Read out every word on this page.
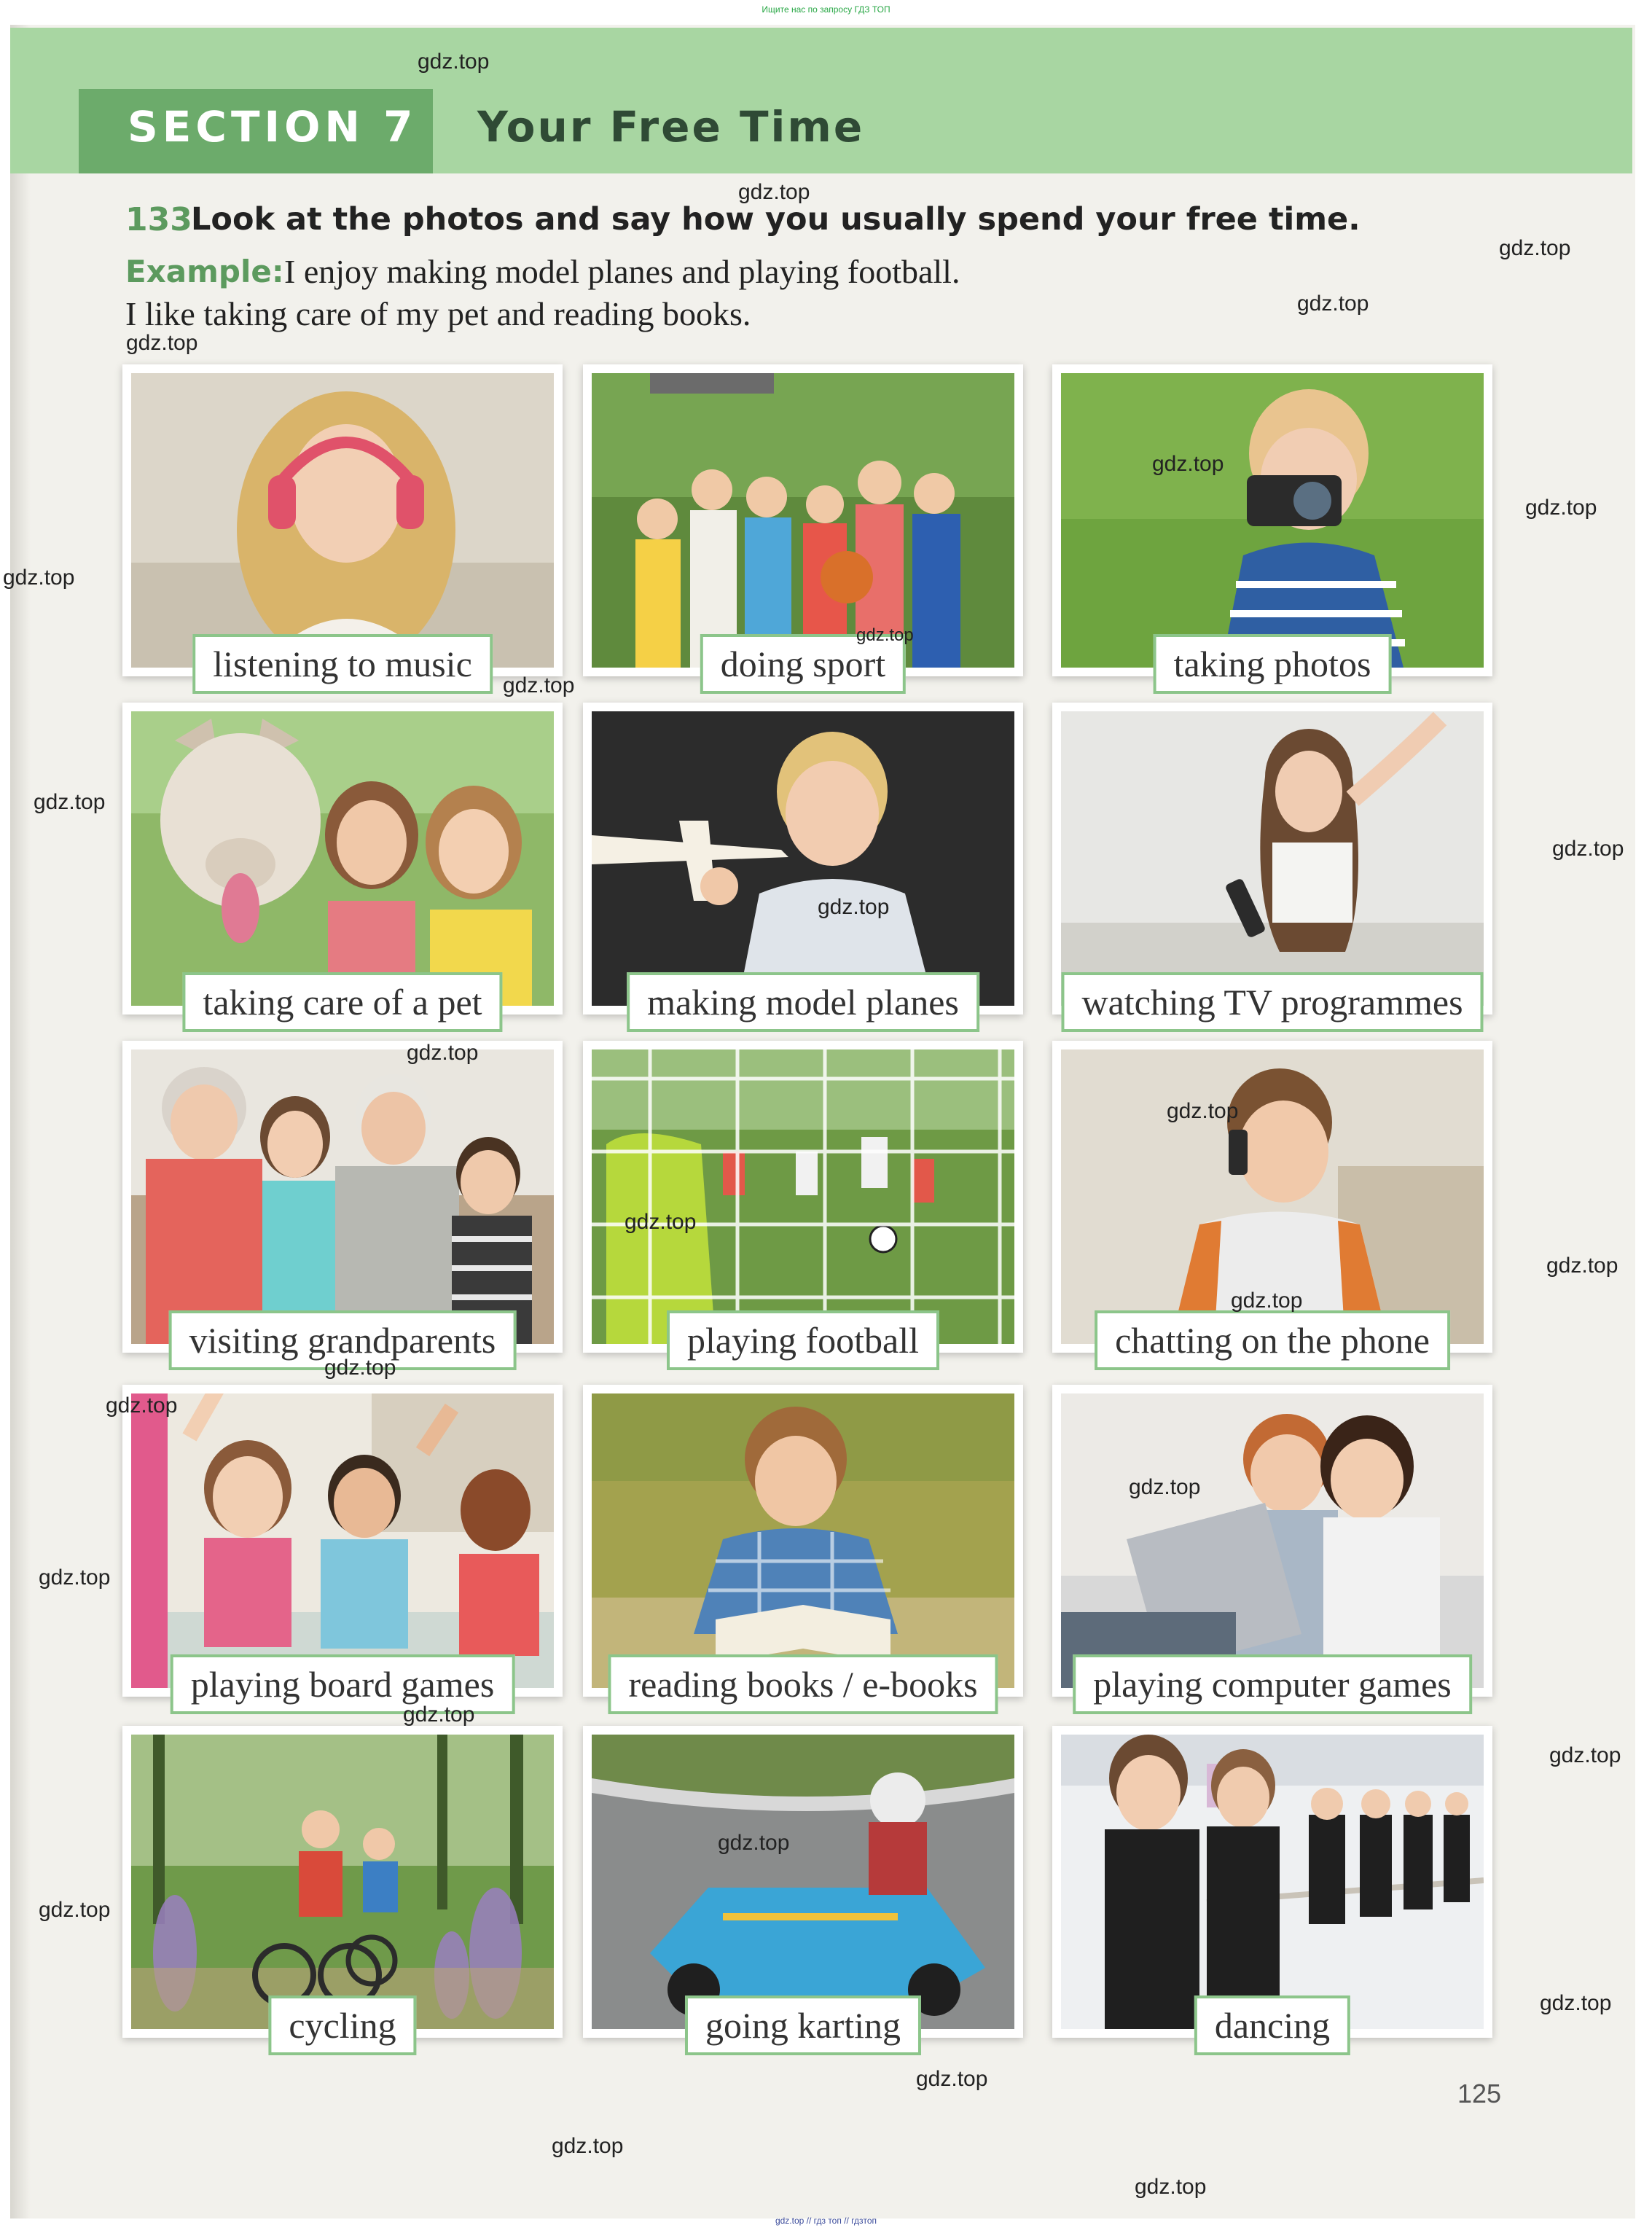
Ищите нас по запросу ГДЗ ТОП
SECTION 7 Your Free Time
133
Look at the photos and say how you usually spend your free time.
Example: I enjoy making model planes and playing football.
I like taking care of my pet and reading books.
listening to music	doing sport	taking photos
taking care of a pet	making model planes	watching TV programmes
visiting grandparents	playing football	chatting on the phone
playing board games	reading books / e-books	playing computer games
cycling	going karting	dancing
125
gdz.top
gdz.top
gdz.top
gdz.top
gdz.top
gdz.top
gdz.top
gdz.top
gdz.top
gdz.top
gdz.top
gdz.top
gdz.top
gdz.top
gdz.top
gdz.top
gdz.top
gdz.top
gdz.top
gdz.top
gdz.top
gdz.top
gdz.top
gdz.top
gdz.top
gdz.top
gdz.top
gdz.top
gdz.top
gdz.top
gdz.top // гдз топ // гдзтоп
